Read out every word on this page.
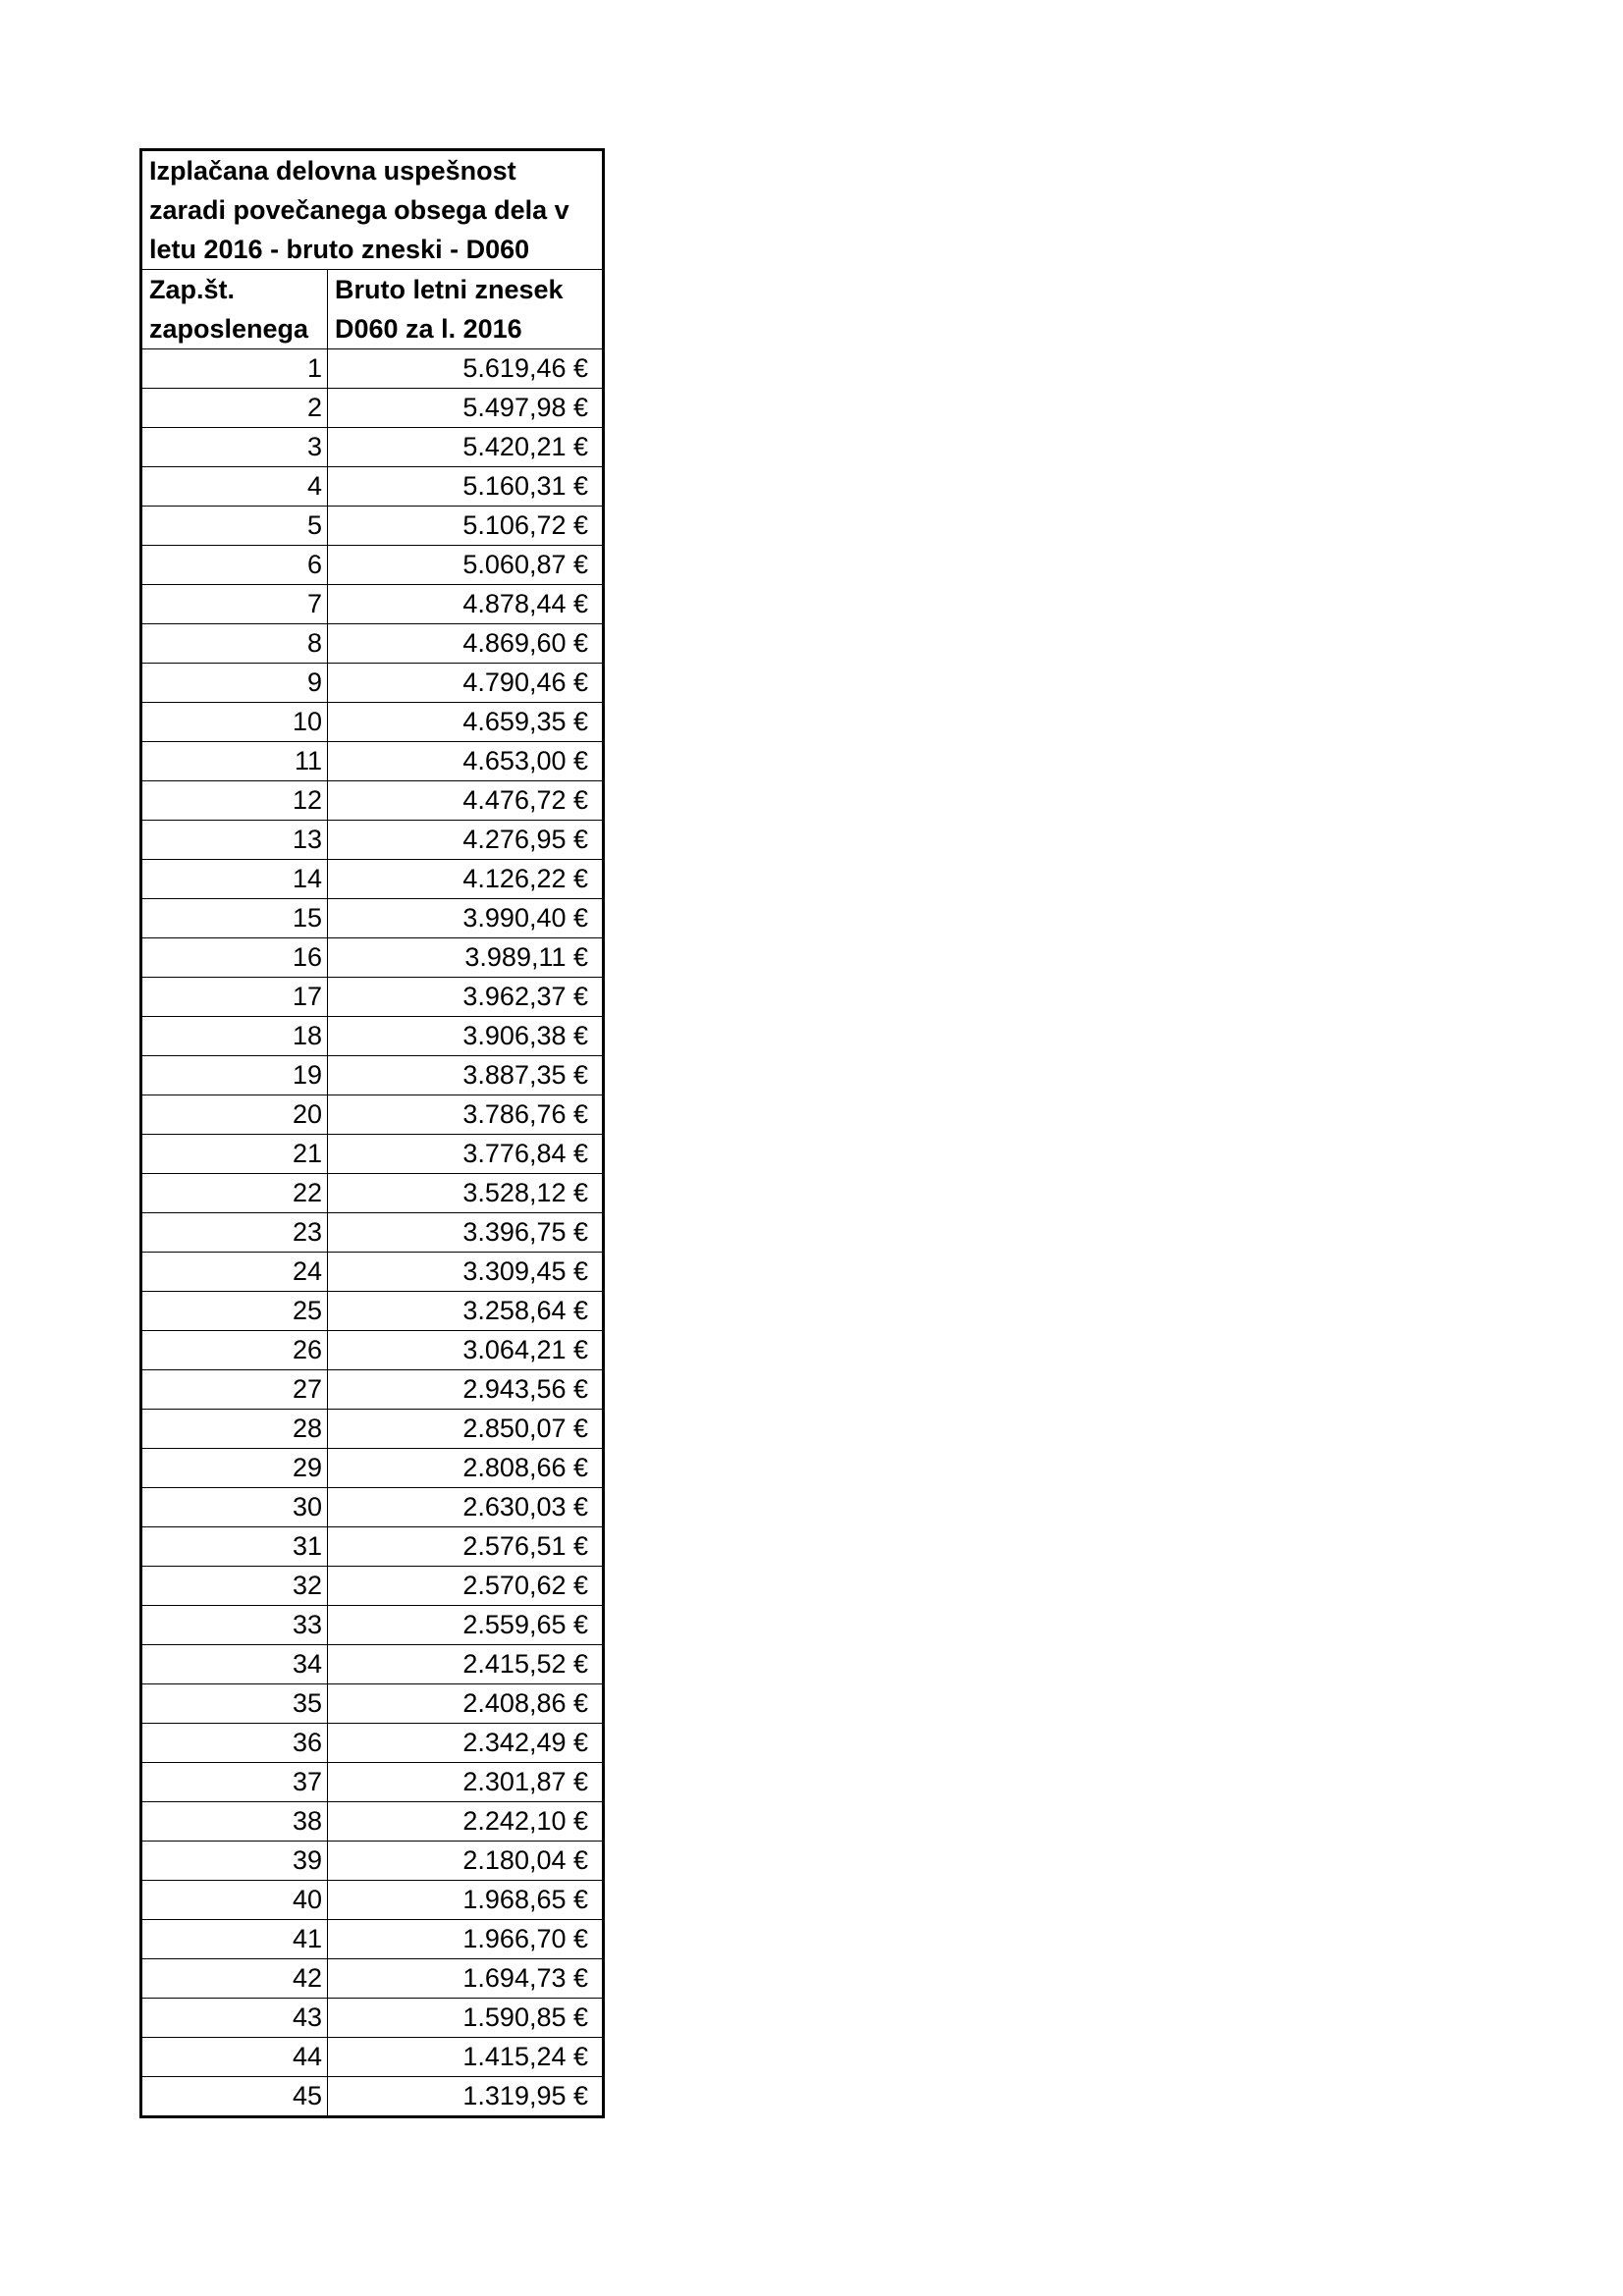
Izplačana delovna uspešnost zaradi povečanega obsega dela v letu 2016 - bruto zneski - D060	
Zap.št. zaposlenega	Bruto letni znesek D060 za l. 2016
1	5.619,46 €
2	5.497,98 €
3	5.420,21 €
4	5.160,31 €
5	5.106,72 €
6	5.060,87 €
7	4.878,44 €
8	4.869,60 €
9	4.790,46 €
10	4.659,35 €
11	4.653,00 €
12	4.476,72 €
13	4.276,95 €
14	4.126,22 €
15	3.990,40 €
16	3.989,11 €
17	3.962,37 €
18	3.906,38 €
19	3.887,35 €
20	3.786,76 €
21	3.776,84 €
22	3.528,12 €
23	3.396,75 €
24	3.309,45 €
25	3.258,64 €
26	3.064,21 €
27	2.943,56 €
28	2.850,07 €
29	2.808,66 €
30	2.630,03 €
31	2.576,51 €
32	2.570,62 €
33	2.559,65 €
34	2.415,52 €
35	2.408,86 €
36	2.342,49 €
37	2.301,87 €
38	2.242,10 €
39	2.180,04 €
40	1.968,65 €
41	1.966,70 €
42	1.694,73 €
43	1.590,85 €
44	1.415,24 €
45	1.319,95 €
